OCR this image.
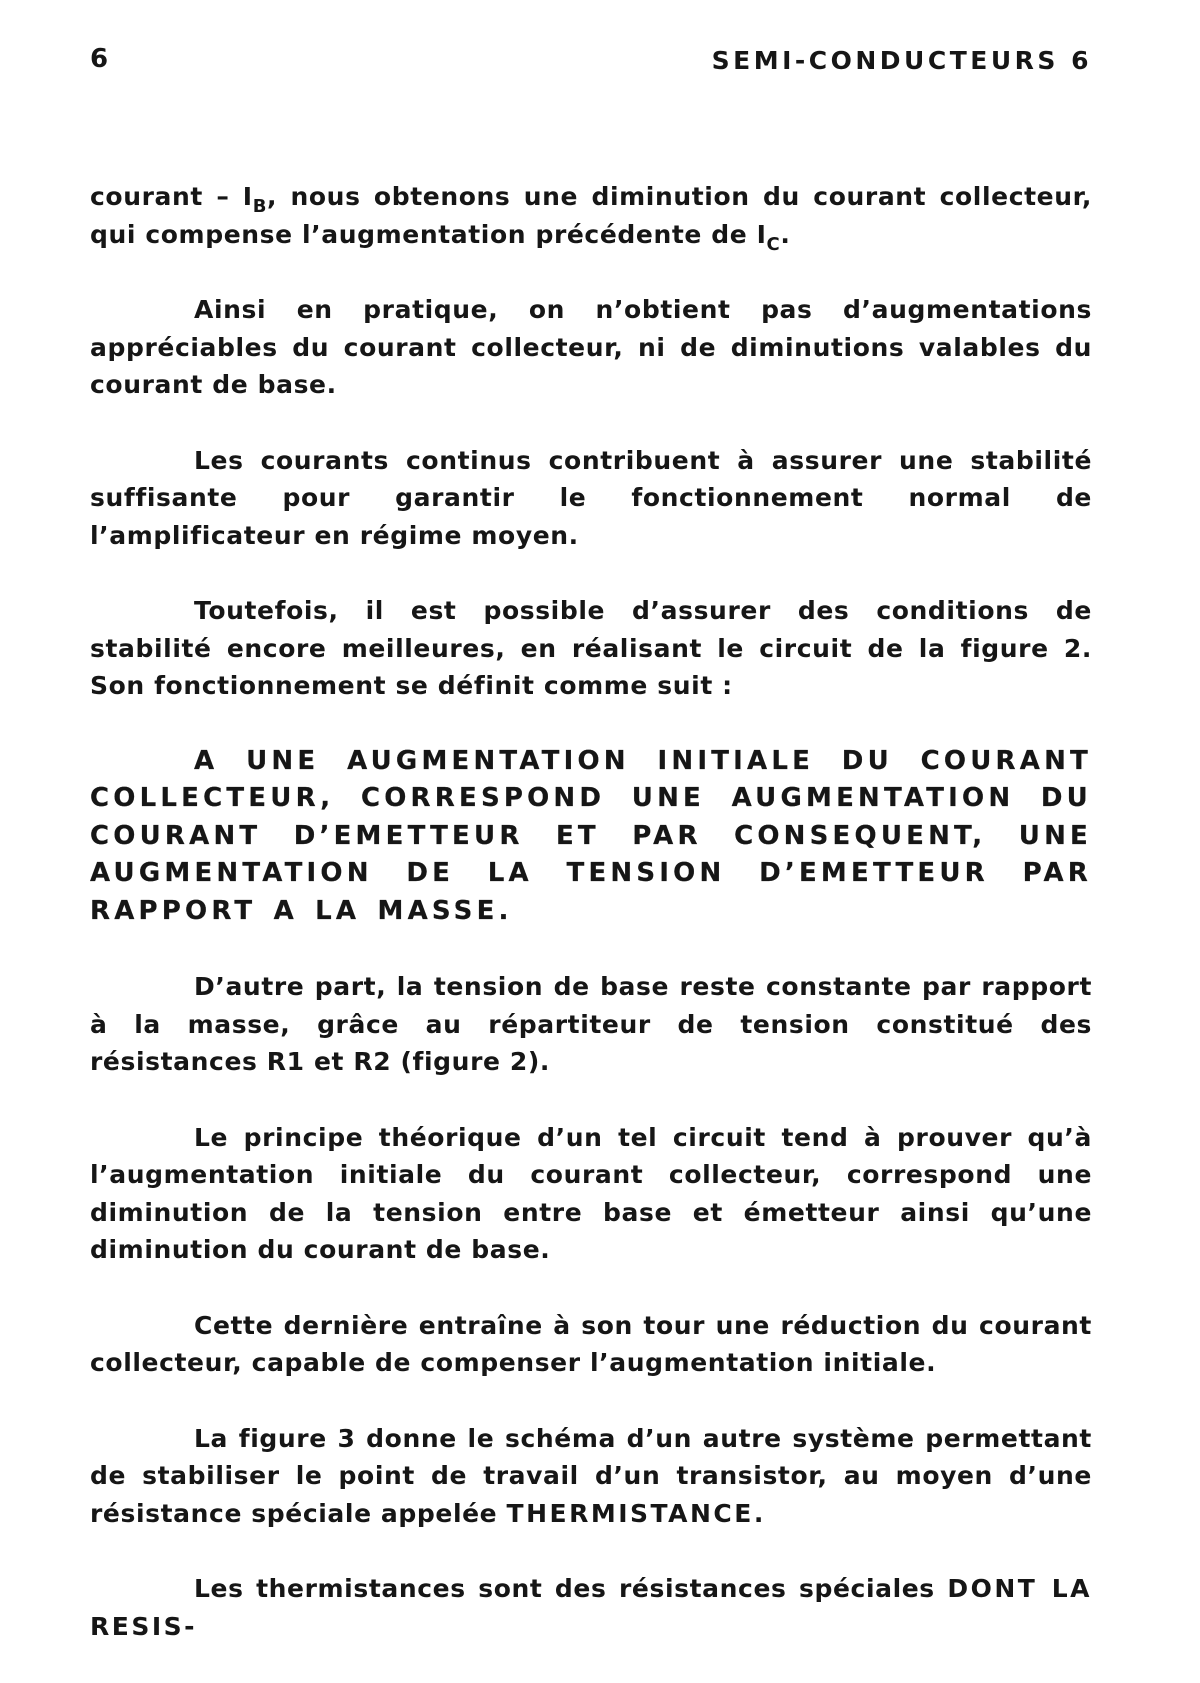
6	SEMI-CONDUCTEURS 6

courant – $I_B$, nous obtenons une diminution du courant collecteur, qui compense l’augmentation précédente de $I_C$.

Ainsi en pratique, on n’obtient pas d’augmentations appréciables du courant collecteur, ni de diminutions valables du courant de base.

Les courants continus contribuent à assurer une stabilité suffisante pour garantir le fonctionnement normal de l’amplificateur en régime moyen.

Toutefois, il est possible d’assurer des conditions de stabilité encore meilleures, en réalisant le circuit de la figure 2. Son fonctionnement se définit comme suit :

A UNE AUGMENTATION INITIALE DU COURANT COLLECTEUR, CORRESPOND UNE AUGMENTATION DU COURANT D’EMETTEUR ET PAR CONSEQUENT, UNE AUGMENTATION DE LA TENSION D’EMETTEUR PAR RAPPORT A LA MASSE.

D’autre part, la tension de base reste constante par rapport à la masse, grâce au répartiteur de tension constitué des résistances R1 et R2 (figure 2).

Le principe théorique d’un tel circuit tend à prouver qu’à l’augmentation initiale du courant collecteur, correspond une diminution de la tension entre base et émetteur ainsi qu’une diminution du courant de base.

Cette dernière entraîne à son tour une réduction du courant collecteur, capable de compenser l’augmentation initiale.

La figure 3 donne le schéma d’un autre système permettant de stabiliser le point de travail d’un transistor, au moyen d’une résistance spéciale appelée THERMISTANCE.

Les thermistances sont des résistances spéciales DONT LA RESIS-
